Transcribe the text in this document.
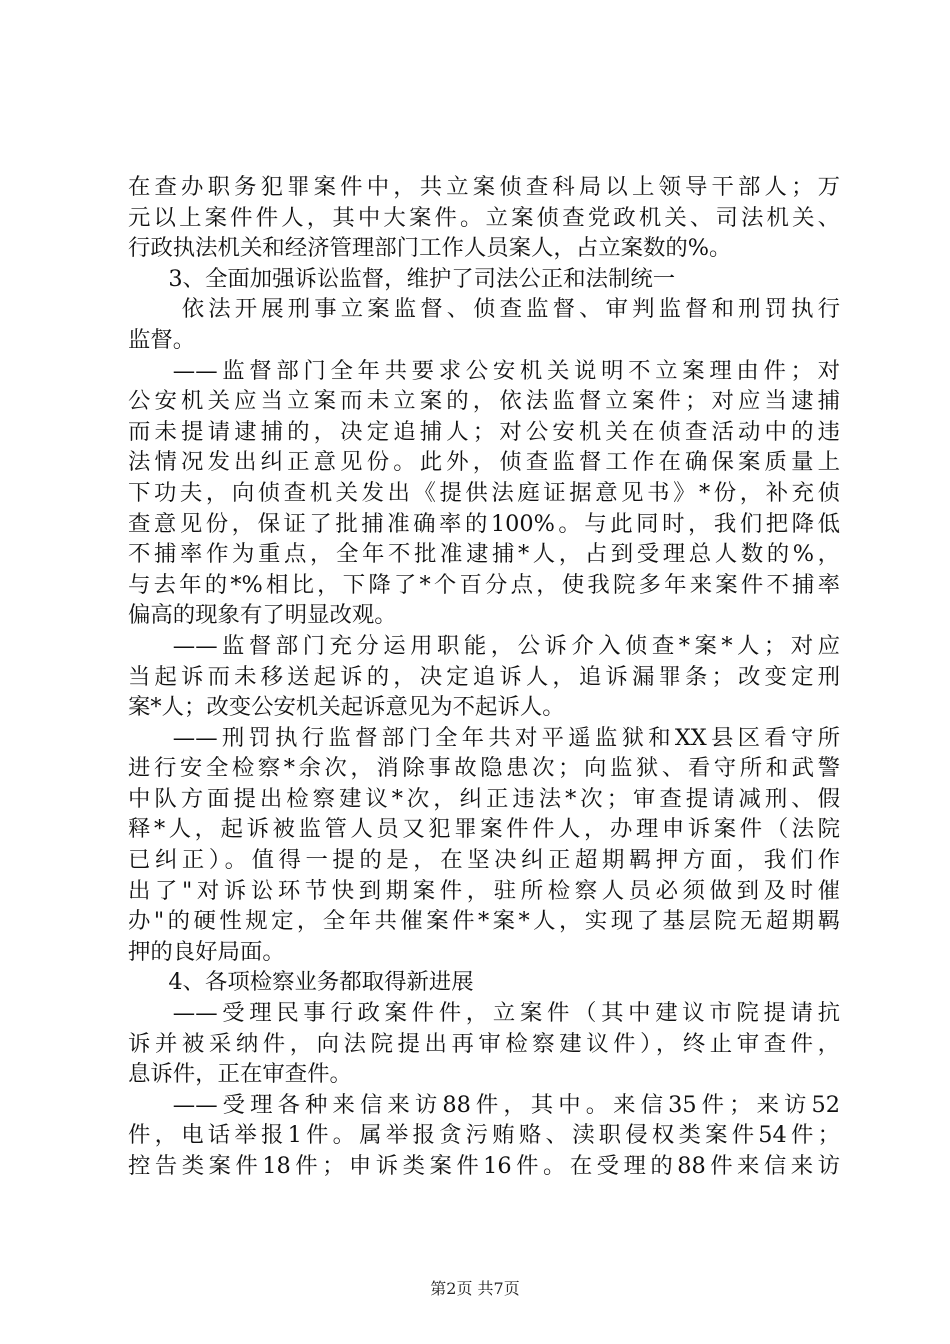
在查办职务犯罪案件中，共立案侦查科局以上领导干部人；万
元以上案件件人，其中大案件。立案侦查党政机关、司法机关、
行政执法机关和经济管理部门工作人员案人，占立案数的%。
3、全面加强诉讼监督，维护了司法公正和法制统一
依法开展刑事立案监督、侦查监督、审判监督和刑罚执行
监督。
——监督部门全年共要求公安机关说明不立案理由件；对
公安机关应当立案而未立案的，依法监督立案件；对应当逮捕
而未提请逮捕的，决定追捕人；对公安机关在侦查活动中的违
法情况发出纠正意见份。此外，侦查监督工作在确保案质量上
下功夫，向侦查机关发出《提供法庭证据意见书》*份，补充侦
查意见份，保证了批捕准确率的100%。与此同时，我们把降低
不捕率作为重点，全年不批准逮捕*人，占到受理总人数的%，
与去年的*%相比，下降了*个百分点，使我院多年来案件不捕率
偏高的现象有了明显改观。
——监督部门充分运用职能，公诉介入侦查*案*人；对应
当起诉而未移送起诉的，决定追诉人，追诉漏罪条；改变定刑
案*人；改变公安机关起诉意见为不起诉人。
——刑罚执行监督部门全年共对平遥监狱和XX县区看守所
进行安全检察*余次，消除事故隐患次；向监狱、看守所和武警
中队方面提出检察建议*次，纠正违法*次；审查提请减刑、假
释*人，起诉被监管人员又犯罪案件件人，办理申诉案件（法院
已纠正）。值得一提的是，在坚决纠正超期羁押方面，我们作
出了"对诉讼环节快到期案件，驻所检察人员必须做到及时催
办"的硬性规定，全年共催案件*案*人，实现了基层院无超期羁
押的良好局面。
4、各项检察业务都取得新进展
——受理民事行政案件件，立案件（其中建议市院提请抗
诉并被采纳件，向法院提出再审检察建议件），终止审查件，
息诉件，正在审查件。
——受理各种来信来访88件，其中。来信35件；来访52
件，电话举报1件。属举报贪污贿赂、渎职侵权类案件54件；
控告类案件18件；申诉类案件16件。在受理的88件来信来访
第2页 共7页
